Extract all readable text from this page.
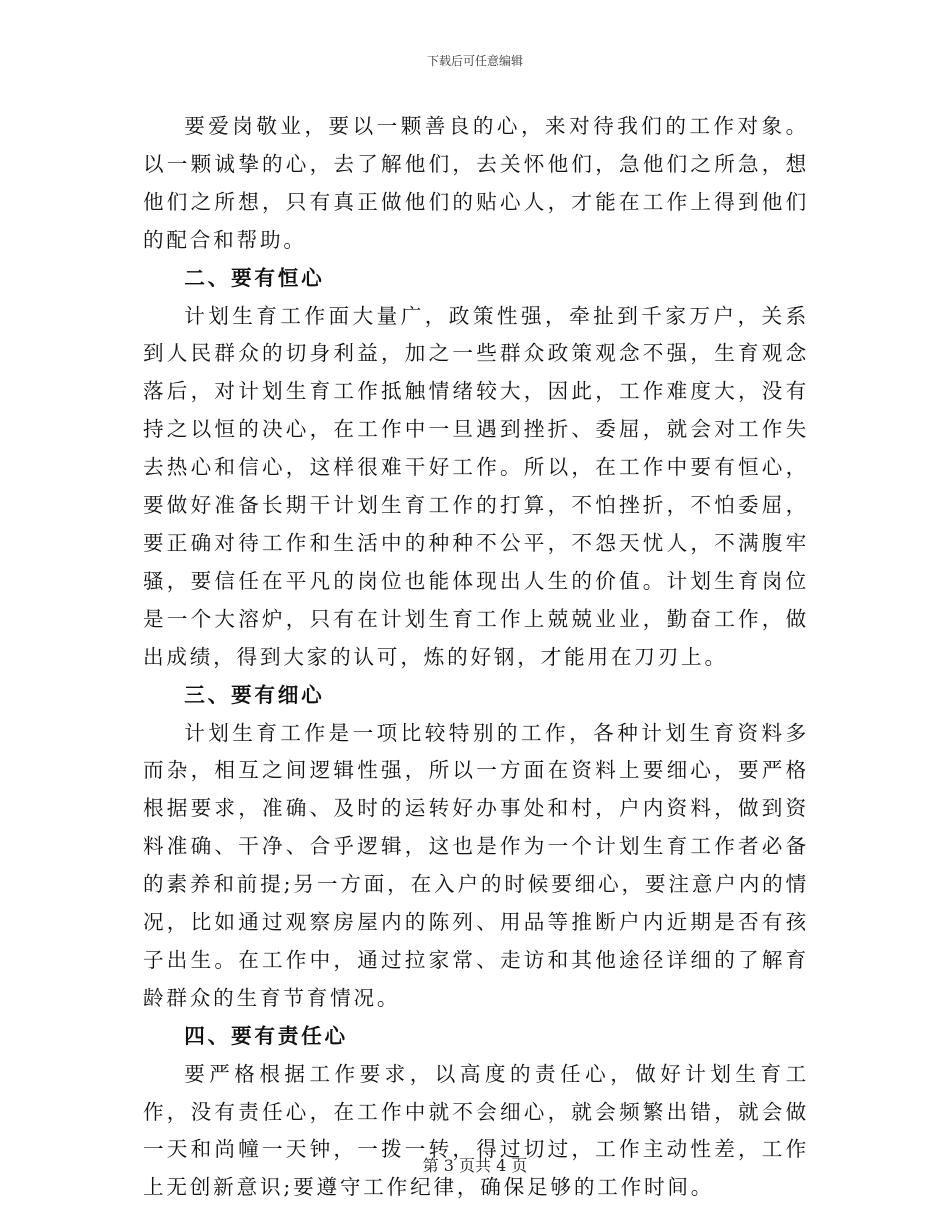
下载后可任意编辑

要爱岗敬业，要以一颗善良的心，来对待我们的工作对象。以一颗诚挚的心，去了解他们，去关怀他们，急他们之所急，想他们之所想，只有真正做他们的贴心人，才能在工作上得到他们的配合和帮助。

二、要有恒心

计划生育工作面大量广，政策性强，牵扯到千家万户，关系到人民群众的切身利益，加之一些群众政策观念不强，生育观念落后，对计划生育工作抵触情绪较大，因此，工作难度大，没有持之以恒的决心，在工作中一旦遇到挫折、委屈，就会对工作失去热心和信心，这样很难干好工作。所以，在工作中要有恒心，要做好准备长期干计划生育工作的打算，不怕挫折，不怕委屈，要正确对待工作和生活中的种种不公平，不怨天忧人，不满腹牢骚，要信任在平凡的岗位也能体现出人生的价值。计划生育岗位是一个大溶炉，只有在计划生育工作上兢兢业业，勤奋工作，做出成绩，得到大家的认可，炼的好钢，才能用在刀刃上。

三、要有细心

计划生育工作是一项比较特别的工作，各种计划生育资料多而杂，相互之间逻辑性强，所以一方面在资料上要细心，要严格根据要求，准确、及时的运转好办事处和村，户内资料，做到资料准确、干净、合乎逻辑，这也是作为一个计划生育工作者必备的素养和前提;另一方面，在入户的时候要细心，要注意户内的情况，比如通过观察房屋内的陈列、用品等推断户内近期是否有孩子出生。在工作中，通过拉家常、走访和其他途径详细的了解育龄群众的生育节育情况。

四、要有责任心

要严格根据工作要求，以高度的责任心，做好计划生育工作，没有责任心，在工作中就不会细心，就会频繁出错，就会做一天和尚幢一天钟，一拨一转，得过切过，工作主动性差，工作上无创新意识;要遵守工作纪律，确保足够的工作时间。

第 3 页共 4 页
